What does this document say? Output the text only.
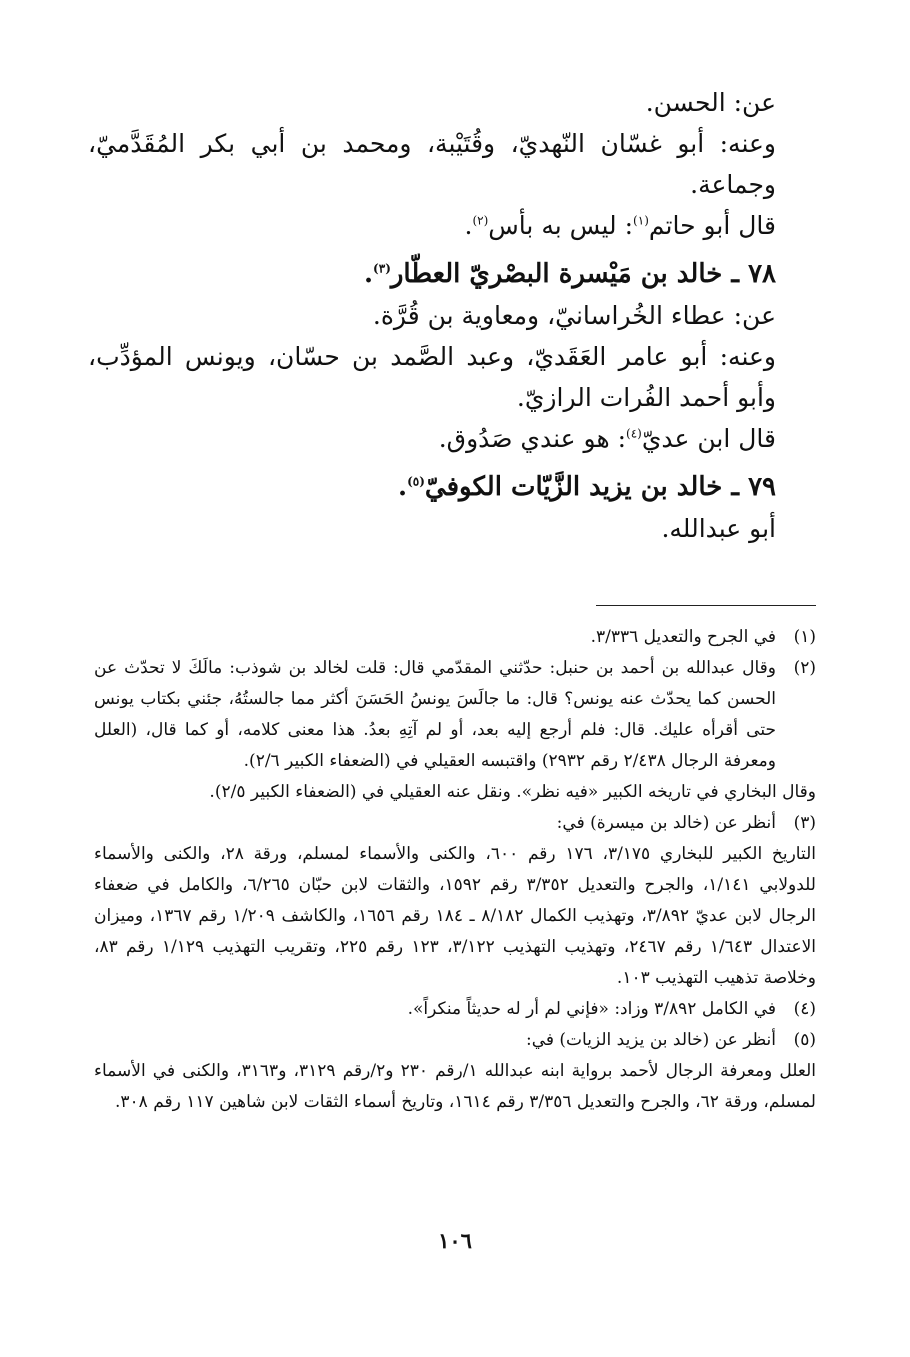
عن: الحسن.

وعنه: أبو غسّان النّهديّ، وقُتَيْبة، ومحمد بن أبي بكر المُقَدَّميّ، وجماعة.

قال أبو حاتم$^{(١)}$: ليس به بأس$^{(٢)}$.

٧٨ ـ خالد بن مَيْسرة البصْريّ العطّار$^{(٣)}$.

عن: عطاء الخُراسانيّ، ومعاوية بن قُرَّة.

وعنه: أبو عامر العَقَديّ، وعبد الصَّمد بن حسّان، ويونس المؤدِّب، وأبو أحمد الفُرات الرازيّ.

قال ابن عديّ$^{(٤)}$: هو عندي صَدُوق.

٧٩ ـ خالد بن يزيد الزَّيّات الكوفيّ$^{(٥)}$.

أبو عبدالله.

(١)

في الجرح والتعديل ٣/٣٣٦.

(٢)

وقال عبدالله بن أحمد بن حنبل: حدّثني المقدّمي قال: قلت لخالد بن شوذب: مالَكَ لا تحدّث عن الحسن كما يحدّث عنه يونس؟ قال: ما جالَسَ يونسُ الحَسَنَ أكثر مما جالستُهُ، جئني بكتاب يونس حتى أقرأه عليك. قال: فلم أرجع إليه بعد، أو لم آتِهِ بعدُ. هذا معنى كلامه، أو كما قال، (العلل ومعرفة الرجال ٢/٤٣٨ رقم ٢٩٣٢) واقتبسه العقيلي في (الضعفاء الكبير ٢/٦).

وقال البخاري في تاريخه الكبير «فيه نظر». ونقل عنه العقيلي في (الضعفاء الكبير ٢/٥).

(٣)

أنظر عن (خالد بن ميسرة) في:

التاريخ الكبير للبخاري ٣/١٧٥، ١٧٦ رقم ٦٠٠، والكنى والأسماء لمسلم، ورقة ٢٨، والكنى والأسماء للدولابي ١/١٤١، والجرح والتعديل ٣/٣٥٢ رقم ١٥٩٢، والثقات لابن حبّان ٦/٢٦٥، والكامل في ضعفاء الرجال لابن عديّ ٣/٨٩٢، وتهذيب الكمال ٨/١٨٢ ـ ١٨٤ رقم ١٦٥٦، والكاشف ١/٢٠٩ رقم ١٣٦٧، وميزان الاعتدال ١/٦٤٣ رقم ٢٤٦٧، وتهذيب التهذيب ٣/١٢٢، ١٢٣ رقم ٢٢٥، وتقريب التهذيب ١/١٢٩ رقم ٨٣، وخلاصة تذهيب التهذيب ١٠٣.

(٤)

في الكامل ٣/٨٩٢ وزاد: «فإني لم أر له حديثاً منكراً».

(٥)

أنظر عن (خالد بن يزيد الزيات) في:

العلل ومعرفة الرجال لأحمد برواية ابنه عبدالله ١/رقم ٢٣٠ و٢/رقم ٣١٢٩، و٣١٦٣، والكنى في الأسماء لمسلم، ورقة ٦٢، والجرح والتعديل ٣/٣٥٦ رقم ١٦١٤، وتاريخ أسماء الثقات لابن شاهين ١١٧ رقم ٣٠٨.

١٠٦
